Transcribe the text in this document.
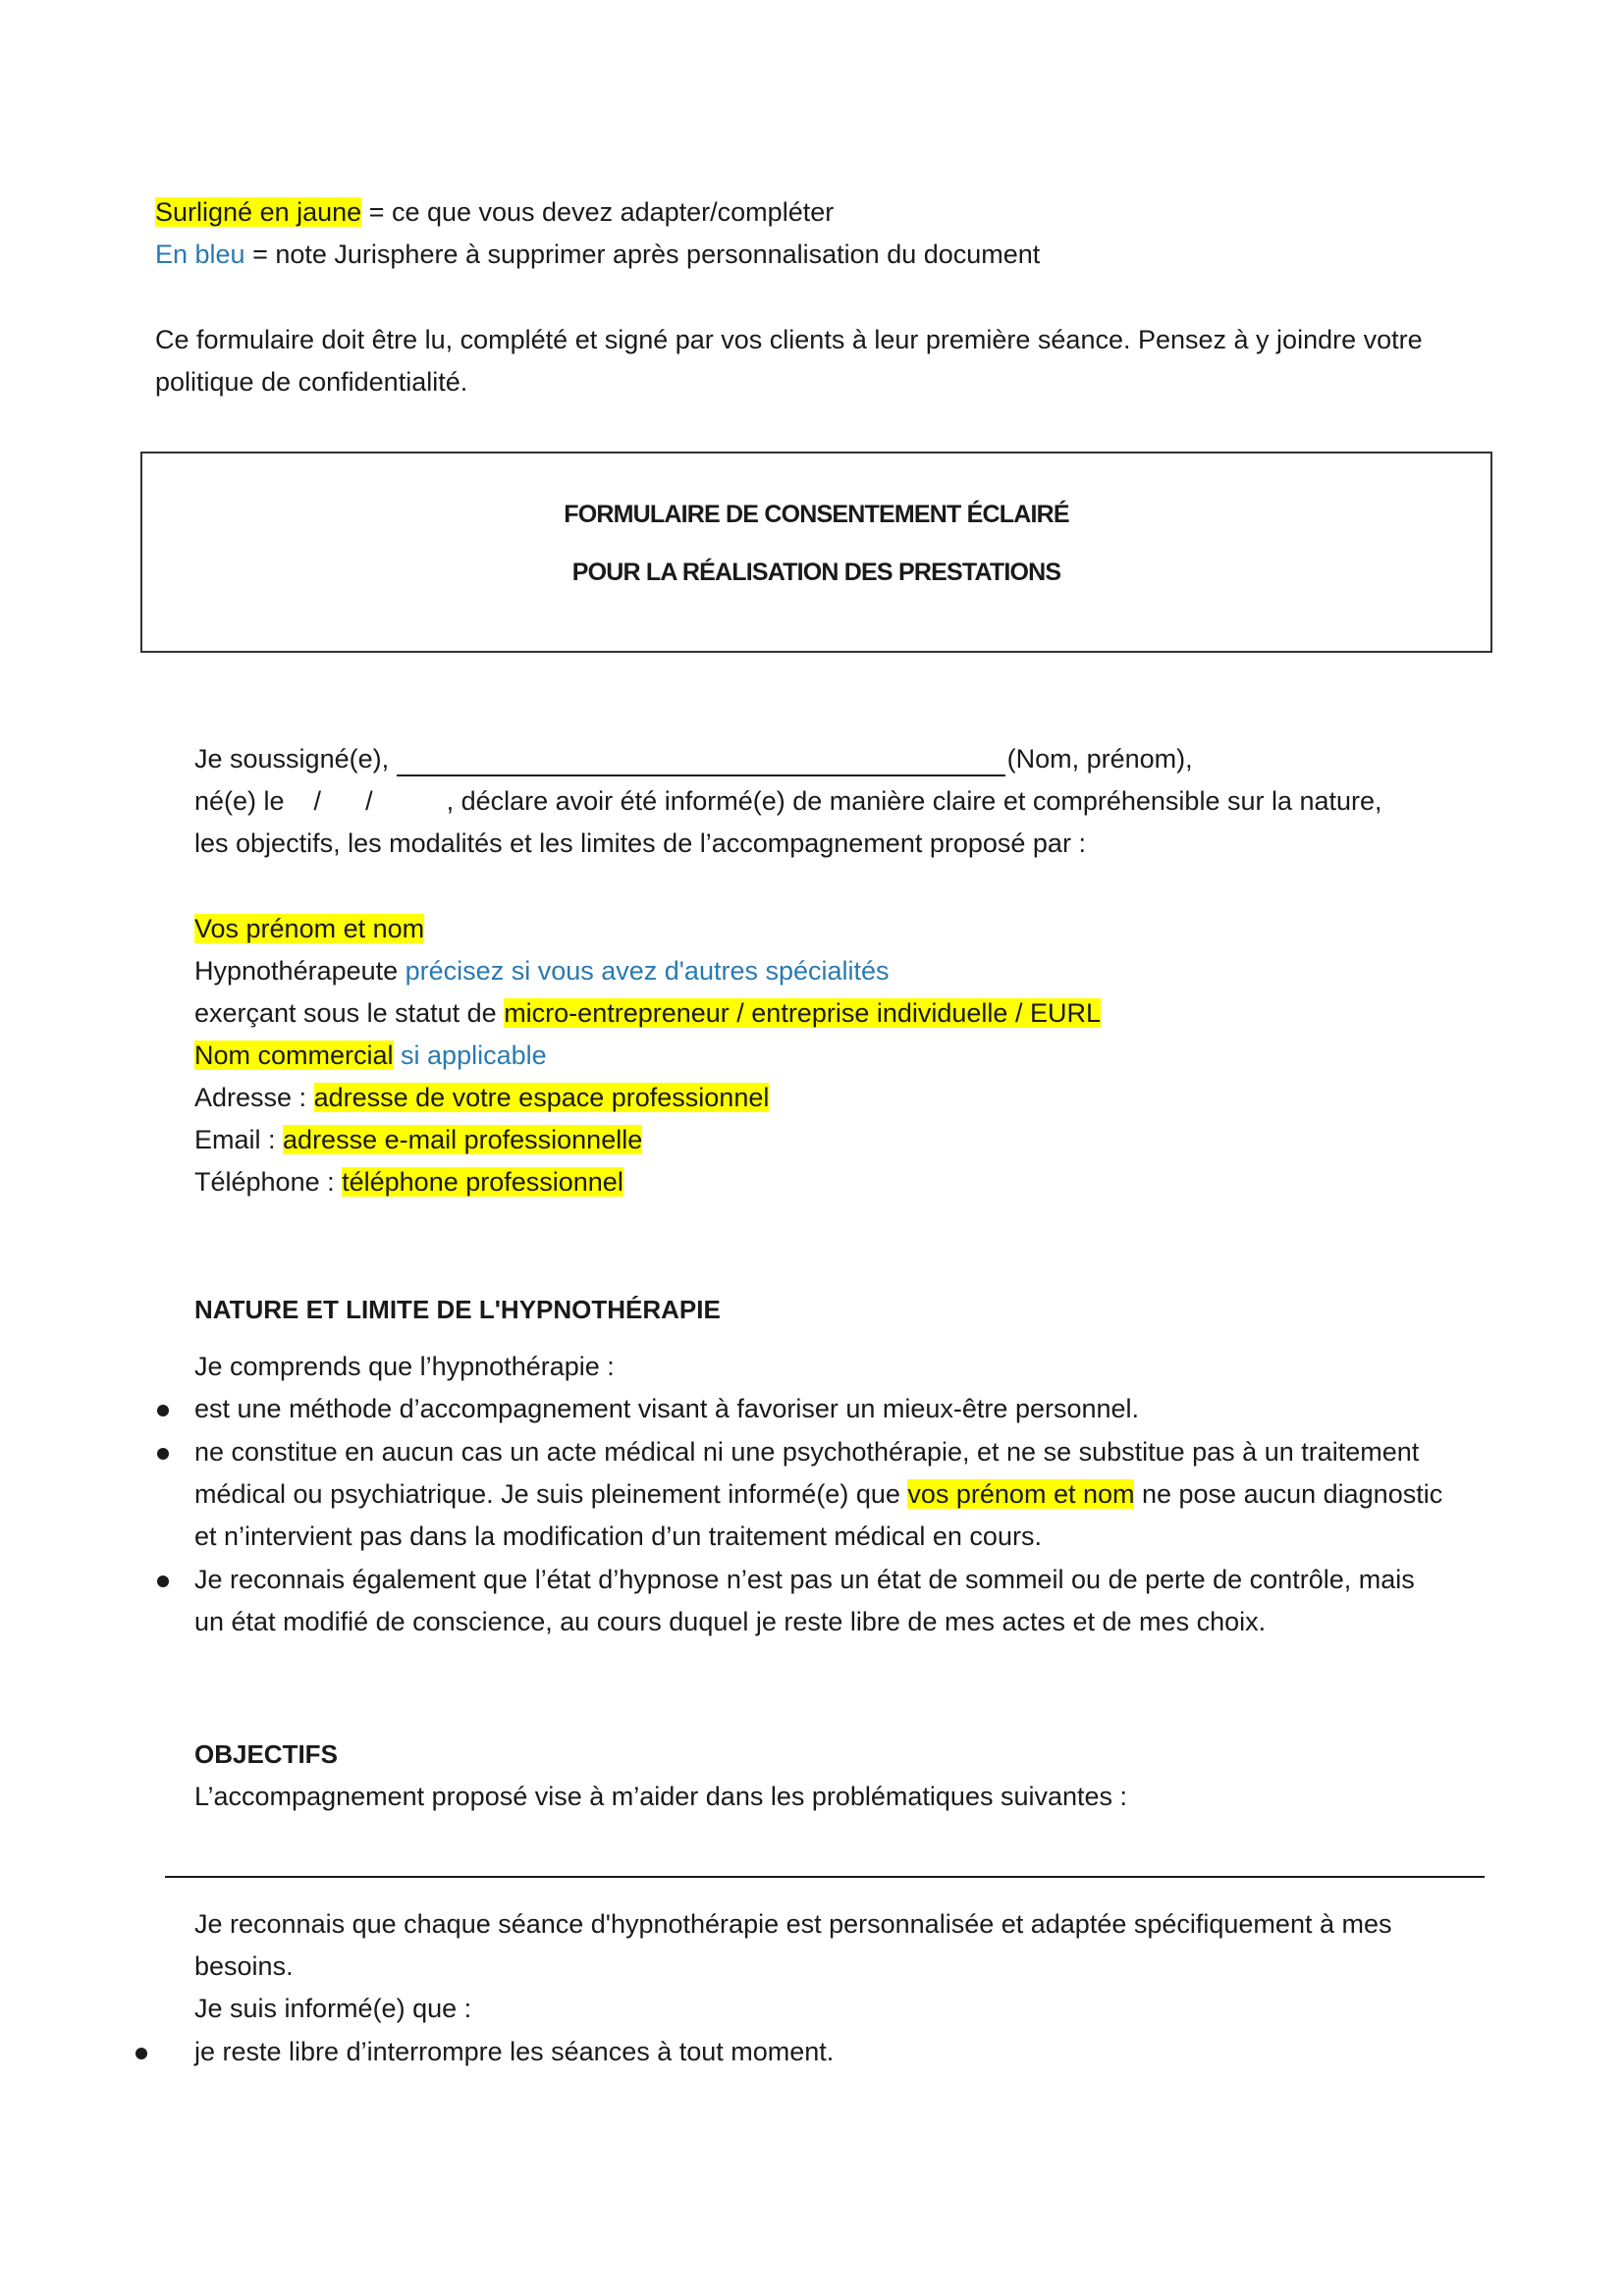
Surligné en jaune = ce que vous devez adapter/compléter
En bleu = note Jurisphere à supprimer après personnalisation du document
Ce formulaire doit être lu, complété et signé par vos clients à leur première séance. Pensez à y joindre votre
politique de confidentialité.
FORMULAIRE DE CONSENTEMENT ÉCLAIRÉ
POUR LA RÉALISATION DES PRESTATIONS
Je soussigné(e),	(Nom, prénom),
né(e) le    /      /          , déclare avoir été informé(e) de manière claire et compréhensible sur la nature,
les objectifs, les modalités et les limites de l’accompagnement proposé par :
Vos prénom et nom
Hypnothérapeute précisez si vous avez d'autres spécialités
exerçant sous le statut de micro-entrepreneur / entreprise individuelle / EURL
Nom commercial si applicable
Adresse : adresse de votre espace professionnel
Email : adresse e-mail professionnelle
Téléphone : téléphone professionnel
NATURE ET LIMITE DE L'HYPNOTHÉRAPIE
Je comprends que l’hypnothérapie :
est une méthode d’accompagnement visant à favoriser un mieux-être personnel.
ne constitue en aucun cas un acte médical ni une psychothérapie, et ne se substitue pas à un traitement
médical ou psychiatrique. Je suis pleinement informé(e) que vos prénom et nom ne pose aucun diagnostic
et n’intervient pas dans la modification d’un traitement médical en cours.
Je reconnais également que l’état d’hypnose n’est pas un état de sommeil ou de perte de contrôle, mais
un état modifié de conscience, au cours duquel je reste libre de mes actes et de mes choix.
OBJECTIFS
L’accompagnement proposé vise à m’aider dans les problématiques suivantes :
Je reconnais que chaque séance d'hypnothérapie est personnalisée et adaptée spécifiquement à mes
besoins.
Je suis informé(e) que :
je reste libre d’interrompre les séances à tout moment.
